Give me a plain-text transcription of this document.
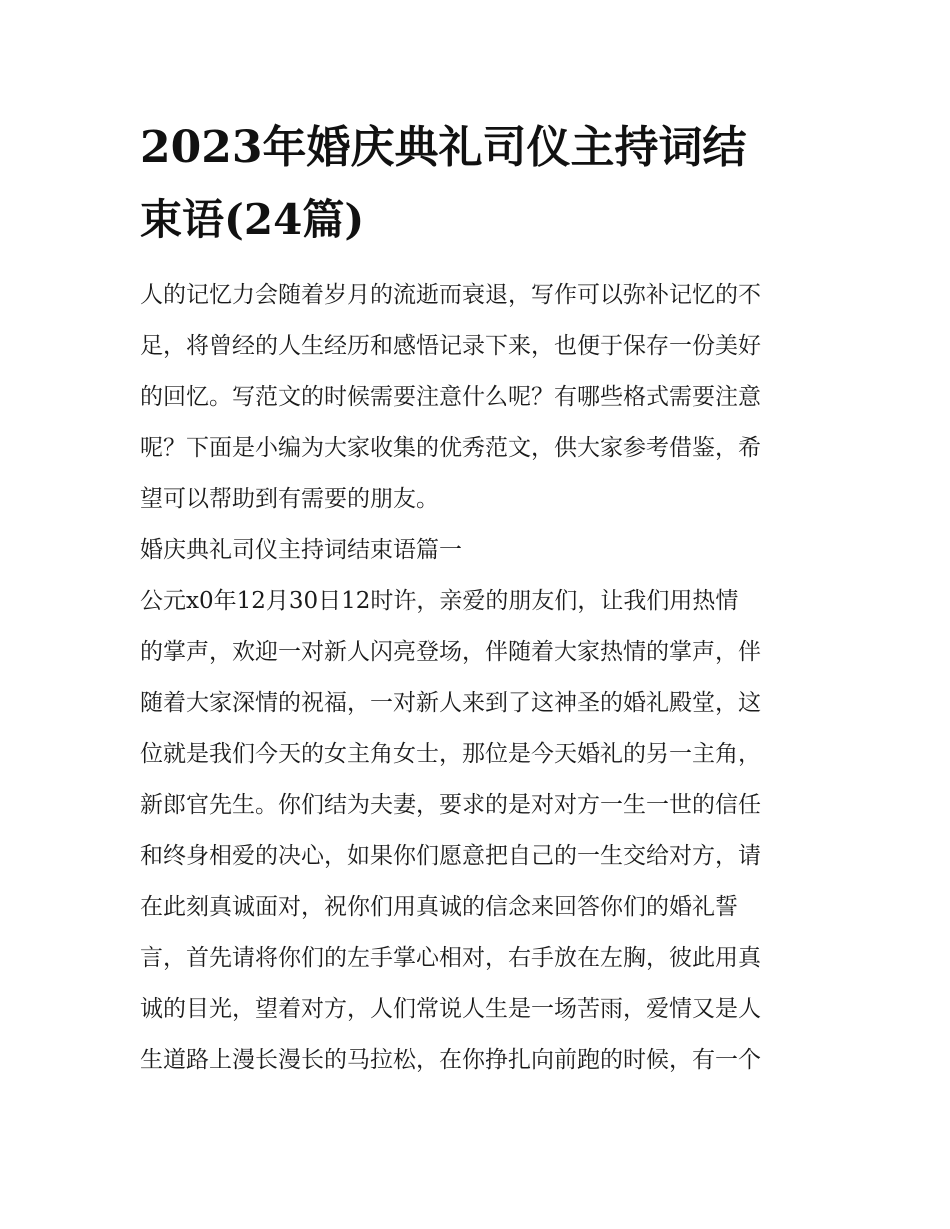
2023年婚庆典礼司仪主持词结
束语(24篇)

人的记忆力会随着岁月的流逝而衰退，写作可以弥补记忆的不
足，将曾经的人生经历和感悟记录下来，也便于保存一份美好
的回忆。写范文的时候需要注意什么呢？有哪些格式需要注意
呢？下面是小编为大家收集的优秀范文，供大家参考借鉴，希
望可以帮助到有需要的朋友。

婚庆典礼司仪主持词结束语篇一

公元x0年12月30日12时许，亲爱的朋友们，让我们用热情
的掌声，欢迎一对新人闪亮登场，伴随着大家热情的掌声，伴
随着大家深情的祝福，一对新人来到了这神圣的婚礼殿堂，这
位就是我们今天的女主角女士，那位是今天婚礼的另一主角，
新郎官先生。你们结为夫妻，要求的是对对方一生一世的信任
和终身相爱的决心，如果你们愿意把自己的一生交给对方，请
在此刻真诚面对，祝你们用真诚的信念来回答你们的婚礼誓
言，首先请将你们的左手掌心相对，右手放在左胸，彼此用真
诚的目光，望着对方，人们常说人生是一场苦雨，爱情又是人
生道路上漫长漫长的马拉松，在你挣扎向前跑的时候，有一个
